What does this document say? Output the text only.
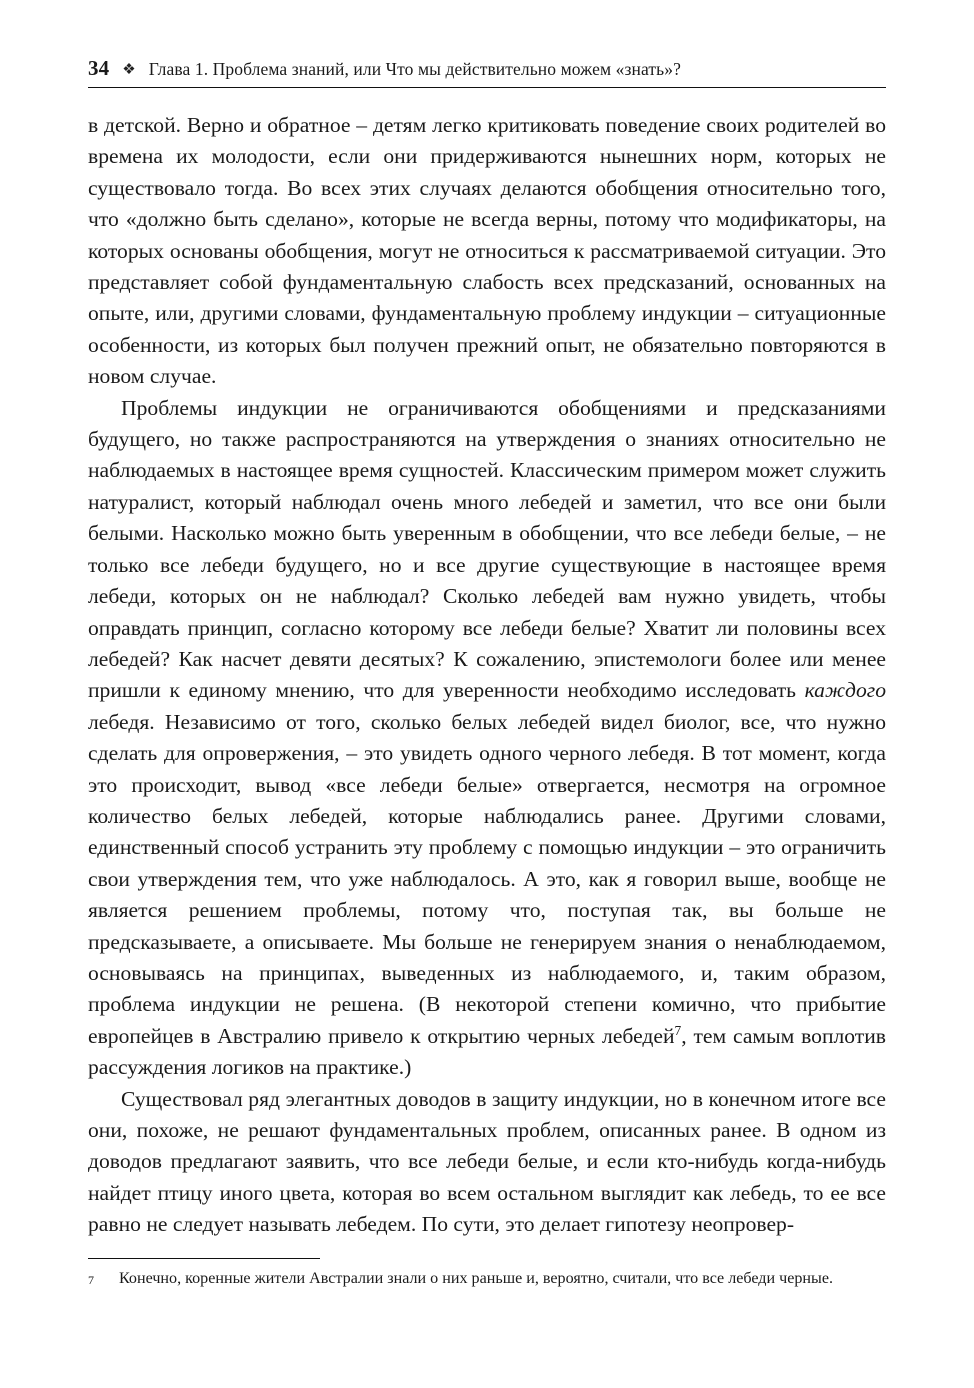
34 ❖ Глава 1. Проблема знаний, или Что мы действительно можем «знать»?

в детской. Верно и обратное – детям легко критиковать поведение своих родителей во времена их молодости, если они придерживаются нынешних норм, которых не существовало тогда. Во всех этих случаях делаются обобщения относительно того, что «должно быть сделано», которые не всегда верны, потому что модификаторы, на которых основаны обобщения, могут не относиться к рассматриваемой ситуации. Это представляет собой фундаментальную слабость всех предсказаний, основанных на опыте, или, другими словами, фундаментальную проблему индукции – ситуационные особенности, из которых был получен прежний опыт, не обязательно повторяются в новом случае.

Проблемы индукции не ограничиваются обобщениями и предсказаниями будущего, но также распространяются на утверждения о знаниях относительно не наблюдаемых в настоящее время сущностей. Классическим примером может служить натуралист, который наблюдал очень много лебедей и заметил, что все они были белыми. Насколько можно быть уверенным в обобщении, что все лебеди белые, – не только все лебеди будущего, но и все другие существующие в настоящее время лебеди, которых он не наблюдал? Сколько лебедей вам нужно увидеть, чтобы оправдать принцип, согласно которому все лебеди белые? Хватит ли половины всех лебедей? Как насчет девяти десятых? К сожалению, эпистемологи более или менее пришли к единому мнению, что для уверенности необходимо исследовать каждого лебедя. Независимо от того, сколько белых лебедей видел биолог, все, что нужно сделать для опровержения, – это увидеть одного черного лебедя. В тот момент, когда это происходит, вывод «все лебеди белые» отвергается, несмотря на огромное количество белых лебедей, которые наблюдались ранее. Другими словами, единственный способ устранить эту проблему с помощью индукции – это ограничить свои утверждения тем, что уже наблюдалось. А это, как я говорил выше, вообще не является решением проблемы, потому что, поступая так, вы больше не предсказываете, а описываете. Мы больше не генерируем знания о ненаблюдаемом, основываясь на принципах, выведенных из наблюдаемого, и, таким образом, проблема индукции не решена. (В некоторой степени комично, что прибытие европейцев в Австралию привело к открытию черных лебедей$^7$, тем самым воплотив рассуждения логиков на практике.)

Существовал ряд элегантных доводов в защиту индукции, но в конечном итоге все они, похоже, не решают фундаментальных проблем, описанных ранее. В одном из доводов предлагают заявить, что все лебеди белые, и если кто-нибудь когда-нибудь найдет птицу иного цвета, которая во всем остальном выглядит как лебедь, то ее все равно не следует называть лебедем. По сути, это делает гипотезу неопровер-

7	Конечно, коренные жители Австралии знали о них раньше и, вероятно, считали, что все лебеди черные.
